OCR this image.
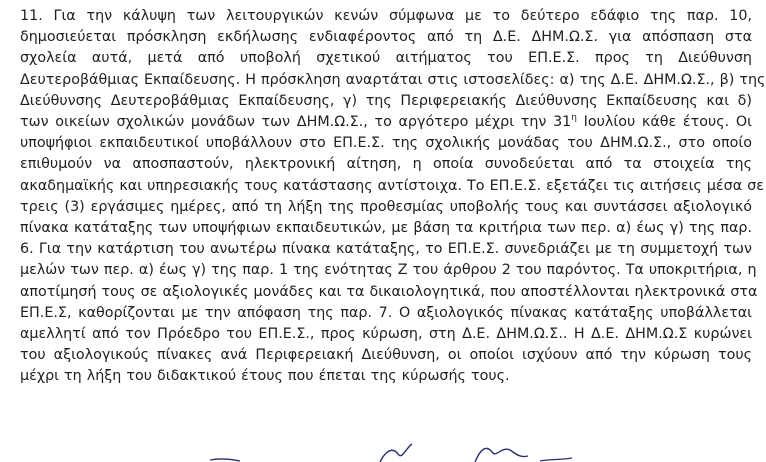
11. Για την κάλυψη των λειτουργικών κενών σύμφωνα με το δεύτερο εδάφιο της παρ. 10,
δημοσιεύεται πρόσκληση εκδήλωσης ενδιαφέροντος από τη Δ.Ε. ΔΗΜ.Ω.Σ. για απόσπαση στα
σχολεία αυτά, μετά από υποβολή σχετικού αιτήματος του ΕΠ.Ε.Σ. προς τη Διεύθυνση
Δευτεροβάθμιας Εκπαίδευσης. Η πρόσκληση αναρτάται στις ιστοσελίδες: α) της Δ.Ε. ΔΗΜ.Ω.Σ., β) της
Διεύθυνσης Δευτεροβάθμιας Εκπαίδευσης, γ) της Περιφερειακής Διεύθυνσης Εκπαίδευσης και δ)
των οικείων σχολικών μονάδων των ΔΗΜ.Ω.Σ., το αργότερο μέχρι την $31^\eta$ Ιουλίου κάθε έτους. Οι
υποψήφιοι εκπαιδευτικοί υποβάλλουν στο ΕΠ.Ε.Σ. της σχολικής μονάδας του ΔΗΜ.Ω.Σ., στο οποίο
επιθυμούν να αποσπαστούν, ηλεκτρονική αίτηση, η οποία συνοδεύεται από τα στοιχεία της
ακαδημαϊκής και υπηρεσιακής τους κατάστασης αντίστοιχα. Το ΕΠ.Ε.Σ. εξετάζει τις αιτήσεις μέσα σε
τρεις (3) εργάσιμες ημέρες, από τη λήξη της προθεσμίας υποβολής τους και συντάσσει αξιολογικό
πίνακα κατάταξης των υποψήφιων εκπαιδευτικών, με βάση τα κριτήρια των περ. α) έως γ) της παρ.
6. Για την κατάρτιση του ανωτέρω πίνακα κατάταξης, το ΕΠ.Ε.Σ. συνεδριάζει με τη συμμετοχή των
μελών των περ. α) έως γ) της παρ. 1 της ενότητας Ζ του άρθρου 2 του παρόντος. Τα υποκριτήρια, η
αποτίμησή τους σε αξιολογικές μονάδες και τα δικαιολογητικά, που αποστέλλονται ηλεκτρονικά στα
ΕΠ.Ε.Σ, καθορίζονται με την απόφαση της παρ. 7. Ο αξιολογικός πίνακας κατάταξης υποβάλλεται
αμελλητί από τον Πρόεδρο του ΕΠ.Ε.Σ., προς κύρωση, στη Δ.Ε. ΔΗΜ.Ω.Σ.. Η Δ.Ε. ΔΗΜ.Ω.Σ κυρώνει
του αξιολογικούς πίνακες ανά Περιφερειακή Διεύθυνση, οι οποίοι ισχύουν από την κύρωση τους
μέχρι τη λήξη του διδακτικού έτους που έπεται της κύρωσής τους.
